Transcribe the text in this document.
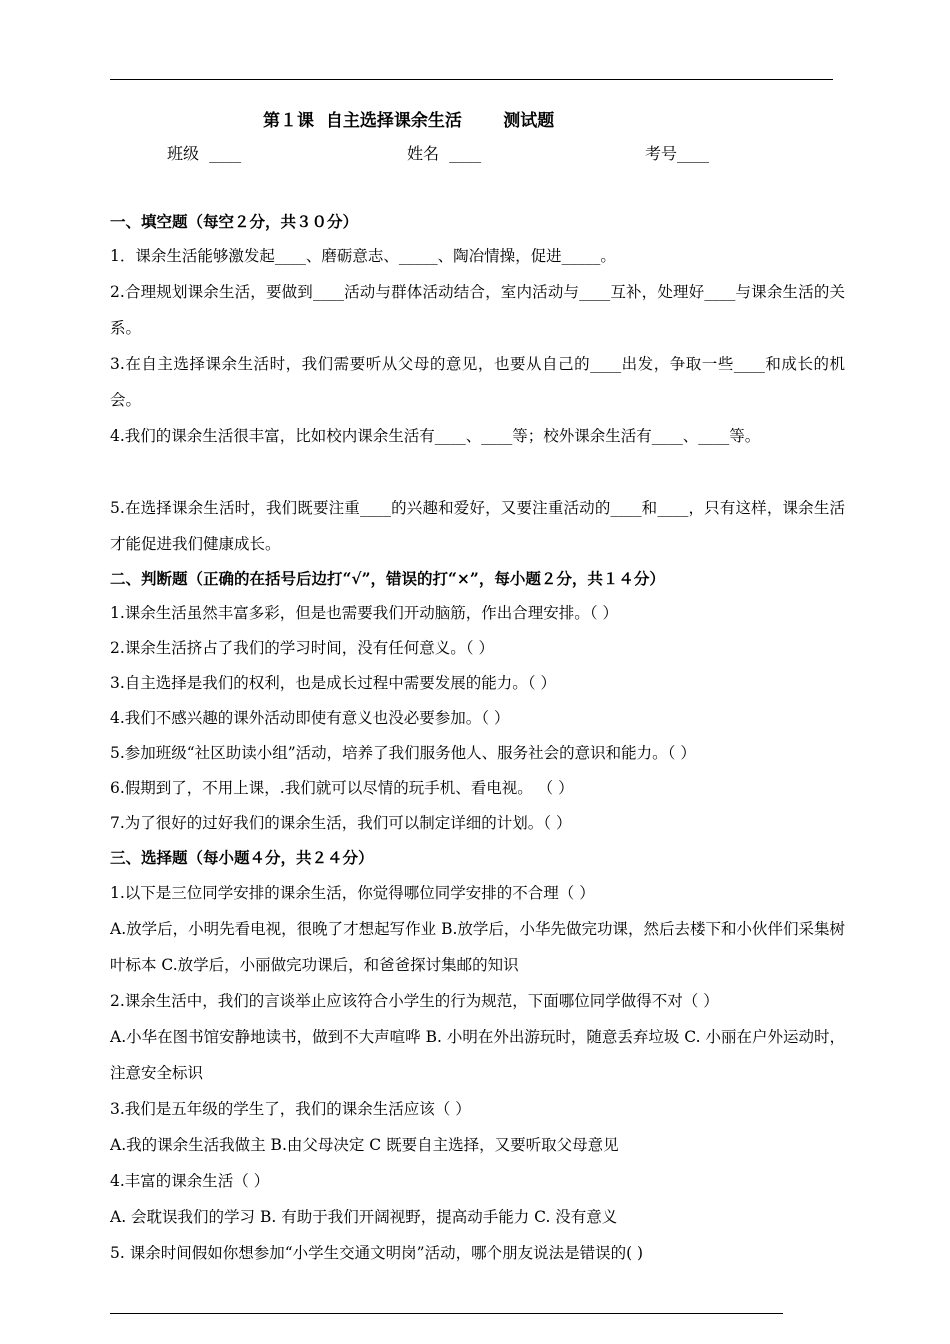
第１课  自主选择课余生活       测试题
班级  ____	姓名  ____	考号____
一、填空题（每空２分，共３０分）
1．课余生活能够激发起____、磨砺意志、_____、陶冶情操，促进_____。
2.合理规划课余生活，要做到____活动与群体活动结合，室内活动与____互补，处理好____与课余生活的关系。
3.在自主选择课余生活时，我们需要听从父母的意见，也要从自己的____出发，争取一些____和成长的机会。
4.我们的课余生活很丰富，比如校内课余生活有____、____等；校外课余生活有____、____等。
5.在选择课余生活时，我们既要注重____的兴趣和爱好，又要注重活动的____和____，只有这样，课余生活才能促进我们健康成长。
二、判断题（正确的在括号后边打“√”，错误的打“×”，每小题２分，共１４分）
1.课余生活虽然丰富多彩，但是也需要我们开动脑筋，作出合理安排。（ ）
2.课余生活挤占了我们的学习时间，没有任何意义。（ ）
3.自主选择是我们的权利，也是成长过程中需要发展的能力。（ ）
4.我们不感兴趣的课外活动即使有意义也没必要参加。（ ）
5.参加班级“社区助读小组”活动，培养了我们服务他人、服务社会的意识和能力。（ ）
6.假期到了，不用上课，.我们就可以尽情的玩手机、看电视。 （ ）
7.为了很好的过好我们的课余生活，我们可以制定详细的计划。（ ）
三、选择题（每小题４分，共２４分）
1.以下是三位同学安排的课余生活，你觉得哪位同学安排的不合理（ ）
A.放学后，小明先看电视，很晚了才想起写作业 B.放学后，小华先做完功课，然后去楼下和小伙伴们采集树叶标本 C.放学后，小丽做完功课后，和爸爸探讨集邮的知识
2.课余生活中，我们的言谈举止应该符合小学生的行为规范，下面哪位同学做得不对（ ）
A.小华在图书馆安静地读书，做到不大声喧哗 B. 小明在外出游玩时，随意丢弃垃圾 C. 小丽在户外运动时，注意安全标识
3.我们是五年级的学生了，我们的课余生活应该（ ）
A.我的课余生活我做主 B.由父母决定 C 既要自主选择，又要听取父母意见
4.丰富的课余生活（ ）
A. 会耽误我们的学习 B. 有助于我们开阔视野，提高动手能力 C. 没有意义
5. 课余时间假如你想参加“小学生交通文明岗”活动，哪个朋友说法是错误的( )
